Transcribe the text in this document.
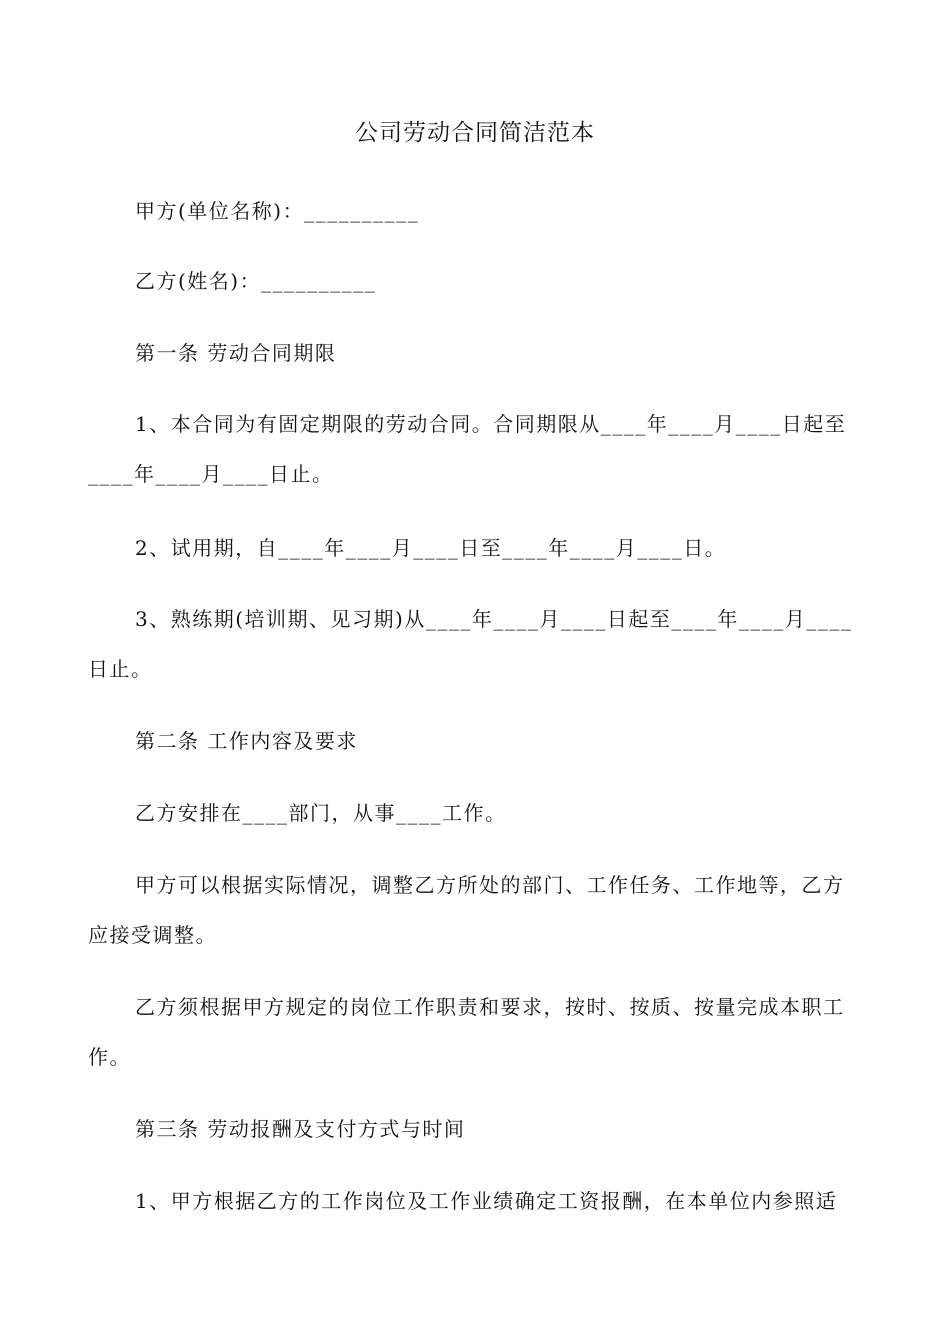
公司劳动合同简洁范本
甲方(单位名称)：__________
乙方(姓名)：__________
第一条 劳动合同期限
1、本合同为有固定期限的劳动合同。合同期限从____年____月____日起至
____年____月____日止。
2、试用期，自____年____月____日至____年____月____日。
3、熟练期(培训期、见习期)从____年____月____日起至____年____月____
日止。
第二条 工作内容及要求
乙方安排在____部门，从事____工作。
甲方可以根据实际情况，调整乙方所处的部门、工作任务、工作地等，乙方
应接受调整。
乙方须根据甲方规定的岗位工作职责和要求，按时、按质、按量完成本职工
作。
第三条 劳动报酬及支付方式与时间
1、甲方根据乙方的工作岗位及工作业绩确定工资报酬，在本单位内参照适
